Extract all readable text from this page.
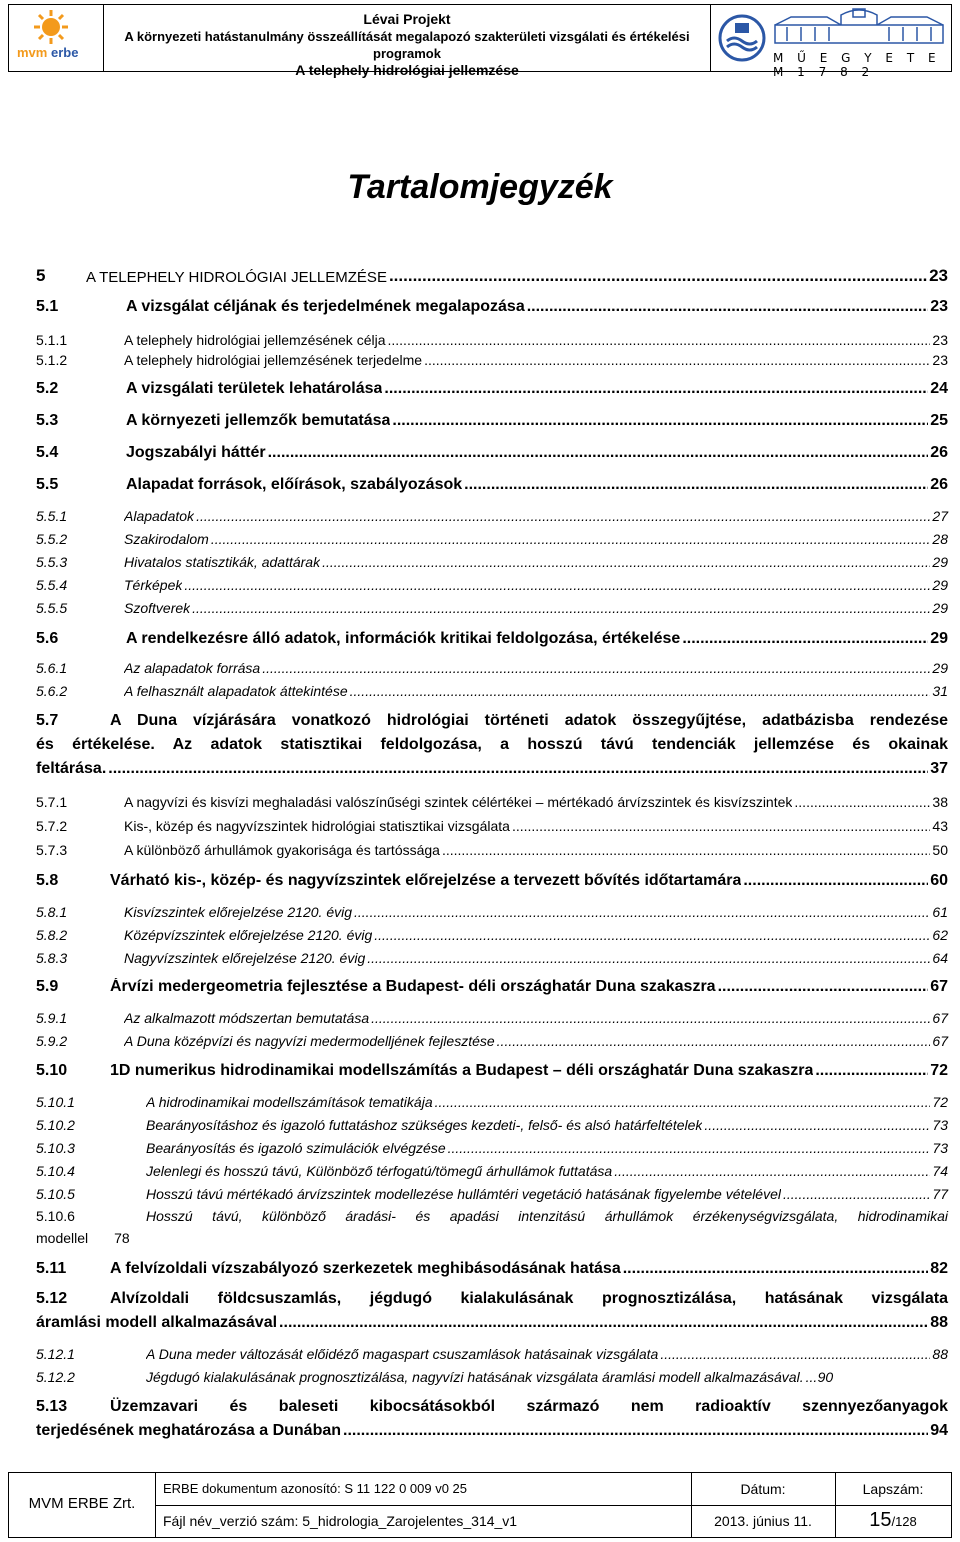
mvm erbe
Lévai Projekt
A környezeti hatástanulmány összeállítását megalapozó szakterületi vizsgálati és értékelési programok
A telephely hidrológiai jellemzése
M Ű E G Y E T E M 1 7 8 2
Tartalomjegyzék
5	A TELEPHELY HIDROLÓGIAI JELLEMZÉSE .....	23
5.1	A vizsgálat céljának és terjedelmének megalapozása .....	23
5.1.1	A telephely hidrológiai jellemzésének célja .....	23
5.1.2	A telephely hidrológiai jellemzésének terjedelme .....	23
5.2	A vizsgálati területek lehatárolása .....	24
5.3	A környezeti jellemzők bemutatása .....	25
5.4	Jogszabályi háttér .....	26
5.5	Alapadat források, előírások, szabályozások .....	26
5.5.1	Alapadatok .....	27
5.5.2	Szakirodalom .....	28
5.5.3	Hivatalos statisztikák, adattárak .....	29
5.5.4	Térképek .....	29
5.5.5	Szoftverek .....	29
5.6	A rendelkezésre álló adatok, információk kritikai feldolgozása, értékelése .....	29
5.6.1	Az alapadatok forrása .....	29
5.6.2	A felhasznált alapadatok áttekintése .....	31
5.7	A Duna vízjárására vonatkozó hidrológiai történeti adatok összegyűjtése, adatbázisba rendezése
és értékelése. Az adatok statisztikai feldolgozása, a hosszú távú tendenciák jellemzése és okainak
feltárása. .....	37
5.7.1	A nagyvízi és kisvízi meghaladási valószínűségi szintek célértékei – mértékadó árvízszintek és kisvízszintek .....	38
5.7.2	Kis-, közép és nagyvízszintek hidrológiai statisztikai vizsgálata .....	43
5.7.3	A különböző árhullámok gyakorisága és tartóssága .....	50
5.8	Várható kis-, közép- és nagyvízszintek előrejelzése a tervezett bővítés időtartamára .....	60
5.8.1	Kisvízszintek előrejelzése 2120. évig .....	61
5.8.2	Középvízszintek előrejelzése 2120. évig .....	62
5.8.3	Nagyvízszintek előrejelzése 2120. évig .....	64
5.9	Árvízi medergeometria fejlesztése a Budapest- déli országhatár Duna szakaszra .....	67
5.9.1	Az alkalmazott módszertan bemutatása .....	67
5.9.2	A Duna középvízi és nagyvízi medermodelljének fejlesztése .....	67
5.10	1D numerikus hidrodinamikai modellszámítás a Budapest – déli országhatár Duna szakaszra .....	72
5.10.1	A hidrodinamikai modellszámítások tematikája .....	72
5.10.2	Bearányosításhoz és igazoló futtatáshoz szükséges kezdeti-, felső- és alsó határfeltételek .....	73
5.10.3	Bearányosítás és igazoló szimulációk elvégzése .....	73
5.10.4	Jelenlegi és hosszú távú, Különböző térfogatú/tömegű árhullámok futtatása .....	74
5.10.5	Hosszú távú mértékadó árvízszintek modellezése hullámtéri vegetáció hatásának figyelembe vételével .....	77
5.10.6	Hosszú távú, különböző áradási- és apadási intenzitású árhullámok érzékenységvizsgálata, hidrodinamikai
modellel 78
5.11	A felvízoldali vízszabályozó szerkezetek meghibásodásának hatása .....	82
5.12	Alvízoldali földcsuszamlás, jégdugó kialakulásának prognosztizálása, hatásának vizsgálata
áramlási modell alkalmazásával .....	88
5.12.1	A Duna meder változását előidéző magaspart csuszamlások hatásainak vizsgálata .....	88
5.12.2	Jégdugó kialakulásának prognosztizálása, nagyvízi hatásának vizsgálata áramlási modell alkalmazásával. ..... 90
5.13	Üzemzavari és baleseti kibocsátásokból származó nem radioaktív szennyezőanyagok
terjedésének meghatározása a Dunában .....	94
MVM ERBE Zrt.
ERBE dokumentum azonosító: S 11 122 0 009 v0 25
Fájl név_verzió szám: 5_hidrologia_Zarojelentes_314_v1
Dátum:
2013. június 11.
Lapszám:
15/128
